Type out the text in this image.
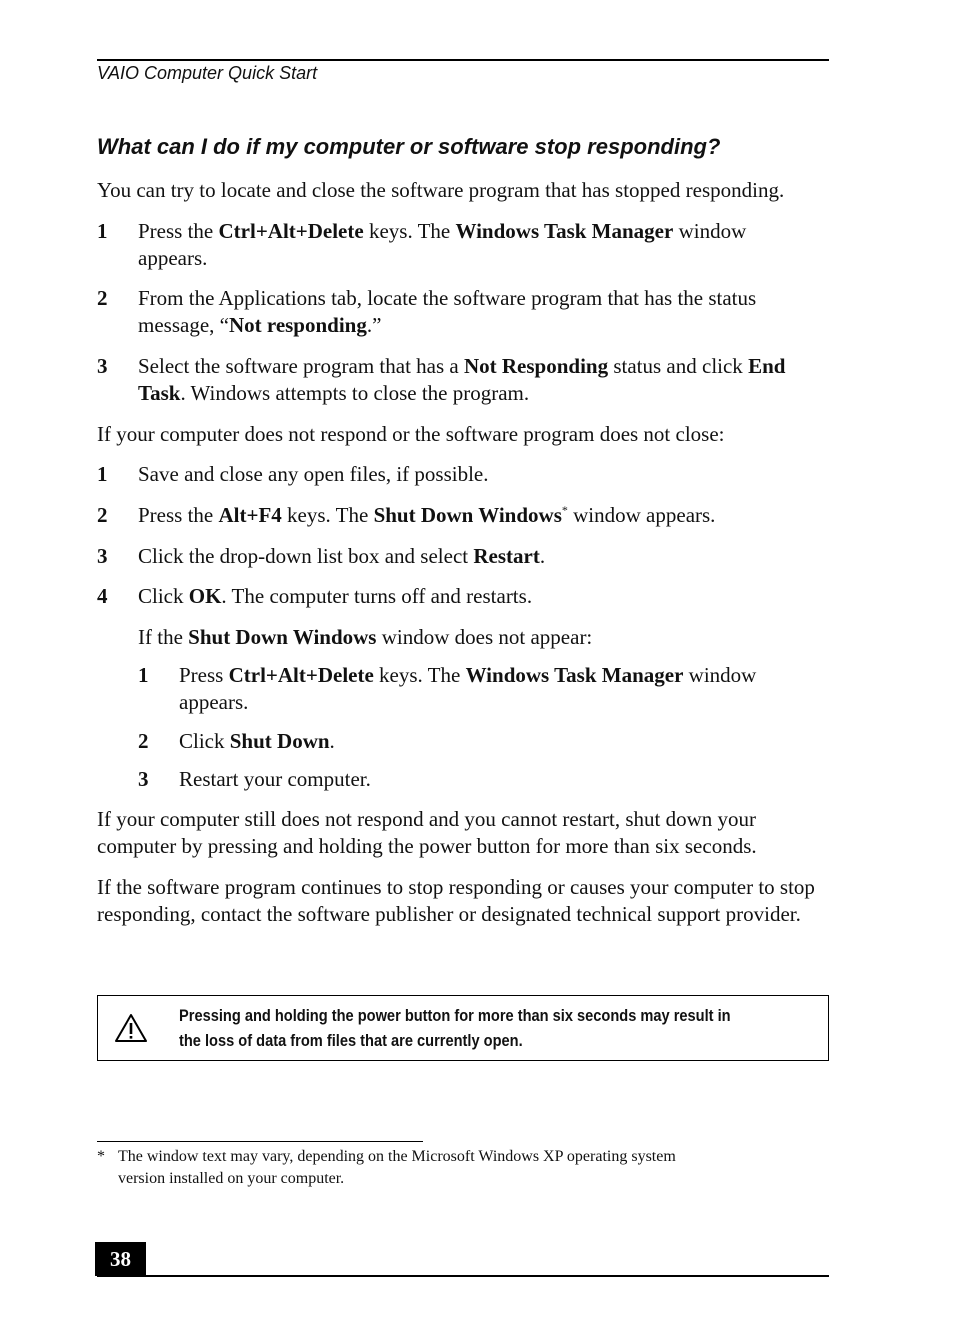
VAIO Computer Quick Start
What can I do if my computer or software stop responding?

You can try to locate and close the software program that has stopped responding.

1 Press the Ctrl+Alt+Delete keys. The Windows Task Manager window
appears.
2 From the Applications tab, locate the software program that has the status
message, “Not responding.”
3 Select the software program that has a Not Responding status and click End
Task. Windows attempts to close the program.

If your computer does not respond or the software program does not close:

1 Save and close any open files, if possible.
2 Press the Alt+F4 keys. The Shut Down Windows* window appears.
3 Click the drop-down list box and select Restart.
4 Click OK. The computer turns off and restarts.

If the Shut Down Windows window does not appear:

1 Press Ctrl+Alt+Delete keys. The Windows Task Manager window
appears.
2 Click Shut Down.
3 Restart your computer.

If your computer still does not respond and you cannot restart, shut down your computer by pressing and holding the power button for more than six seconds.

If the software program continues to stop responding or causes your computer to stop responding, contact the software publisher or designated technical support provider.

Pressing and holding the power button for more than six seconds may result in
the loss of data from files that are currently open.
* The window text may vary, depending on the Microsoft Windows XP operating system
version installed on your computer.
38
